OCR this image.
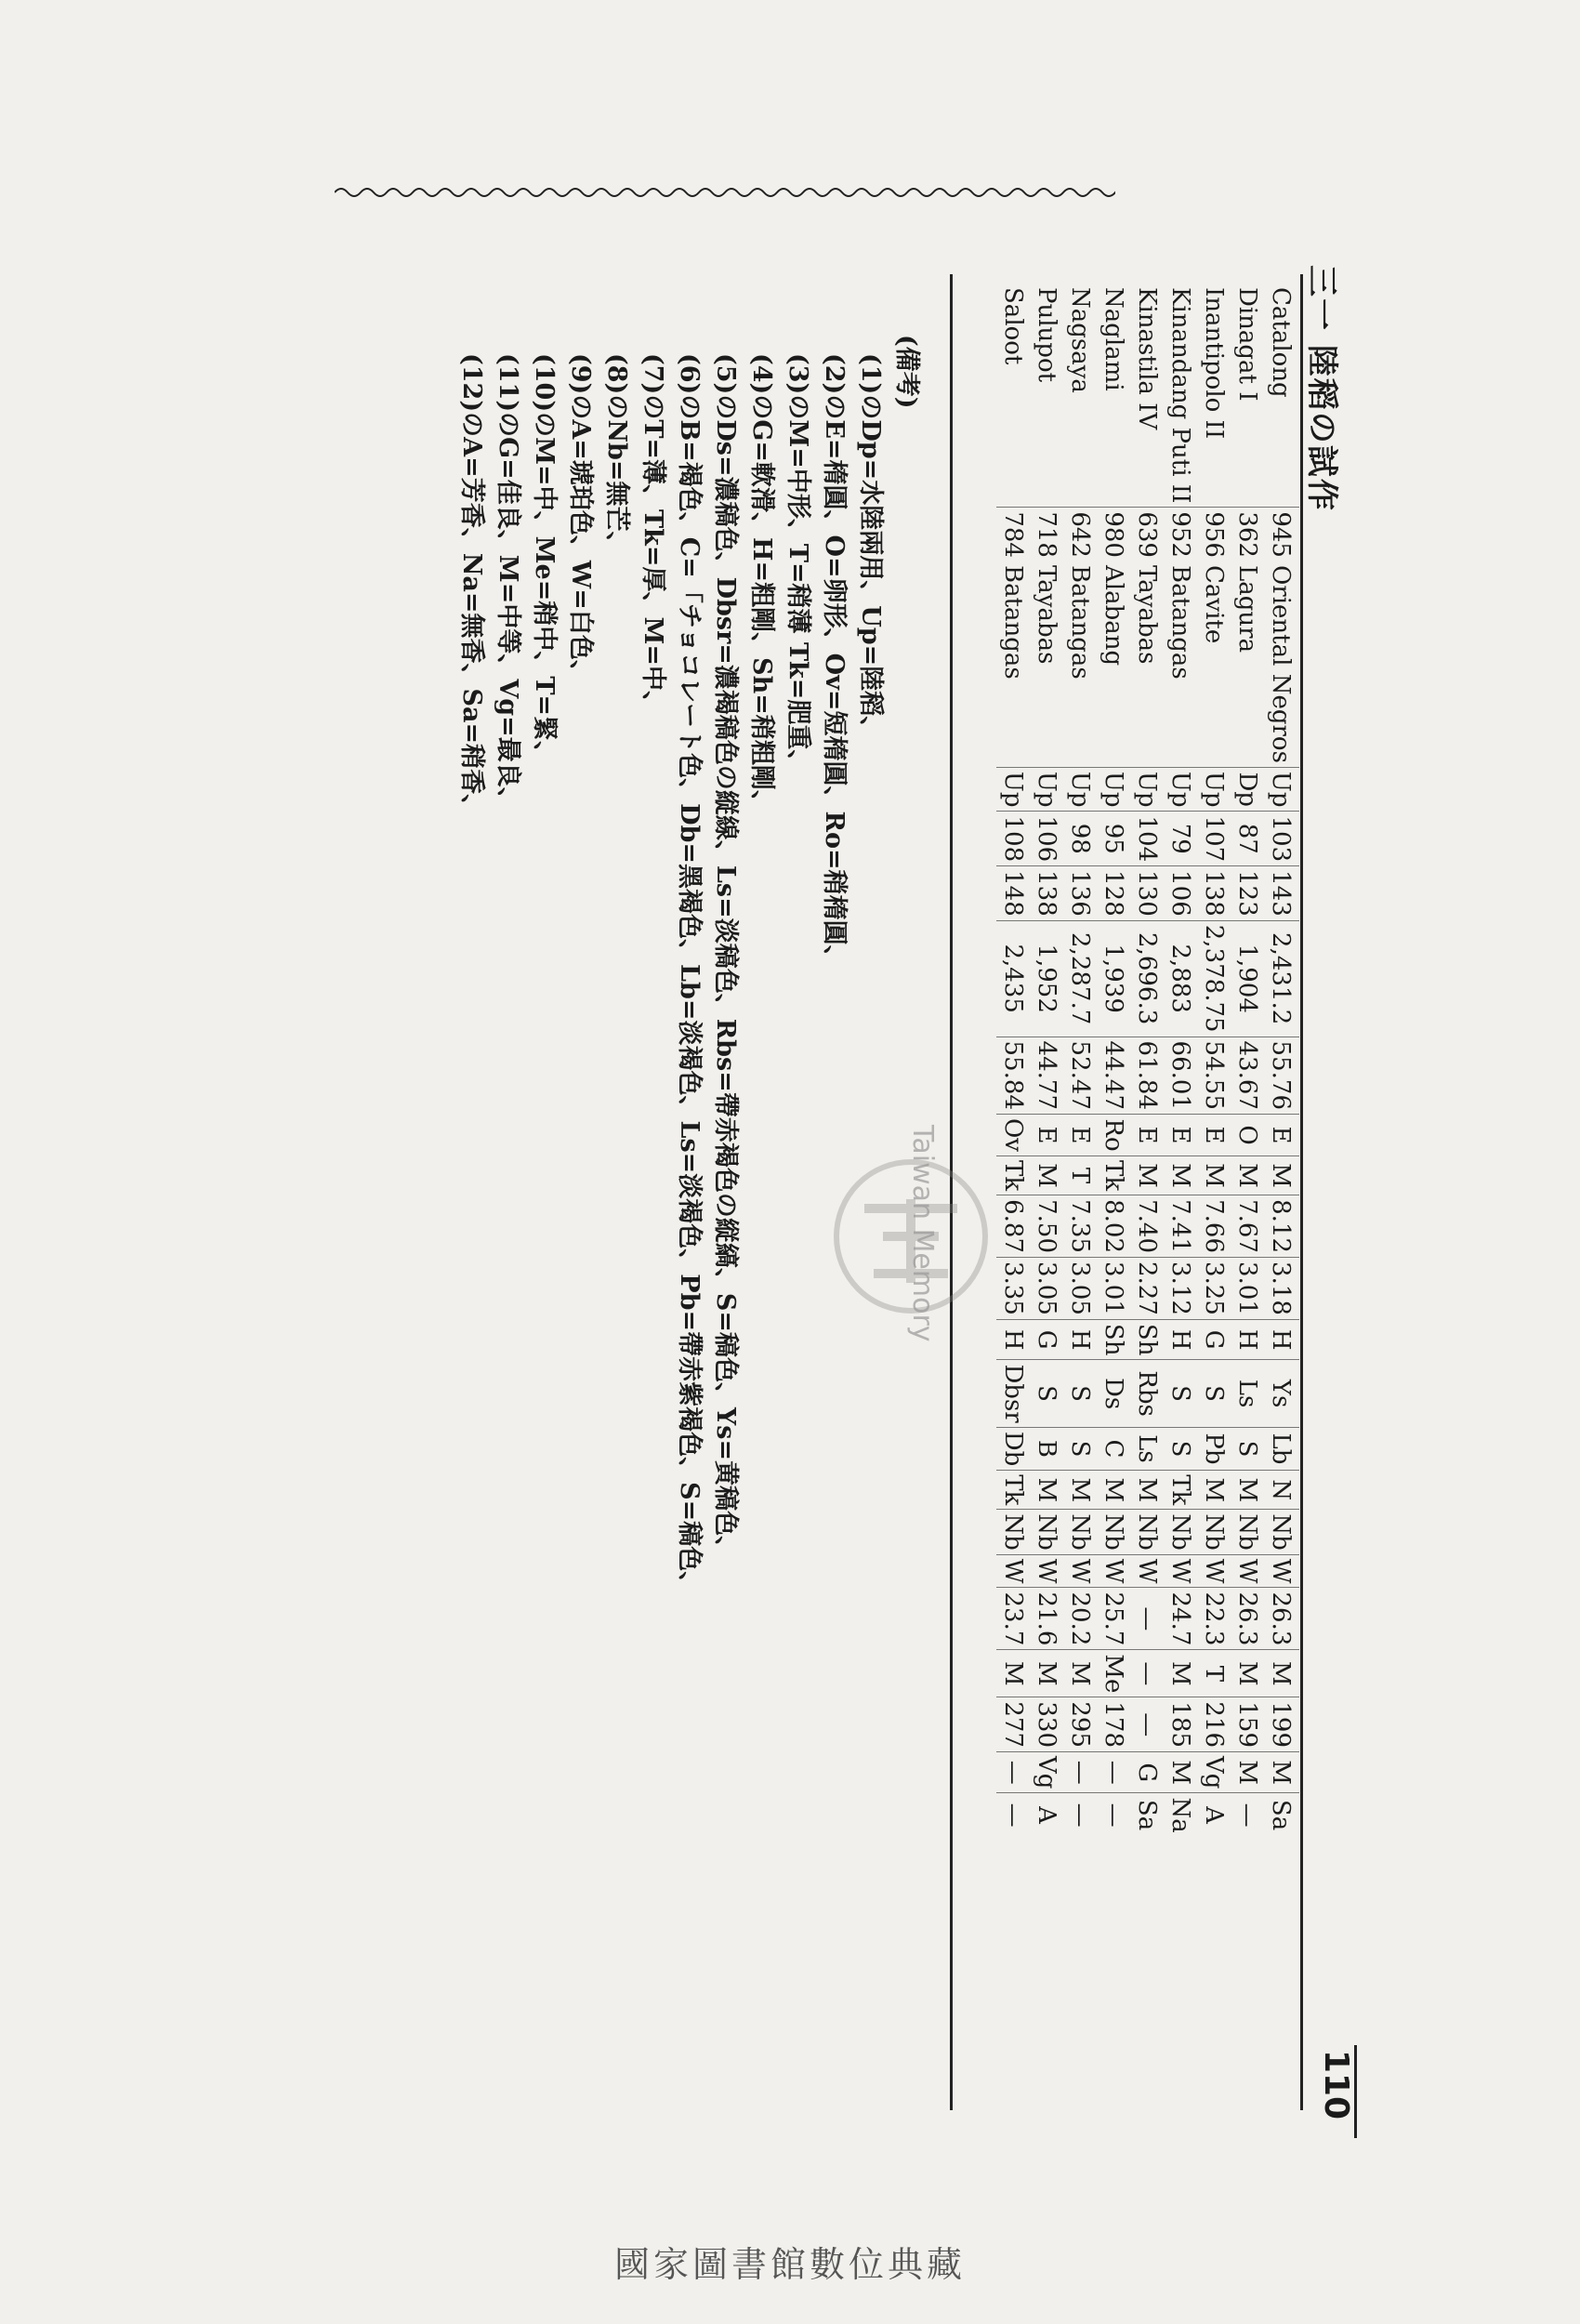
三一 陸稻の試作
110
Catalong	945	Oriental Negros	Up	103	143	2,431.2	55.76	E	M	8.12	3.18	H	Ys	Lb	N	Nb	W	26.3	M	199	M	Sa
Dinagat I	362	Lagura	Dp	87	123	1,904	43.67	O	M	7.67	3.01	H	Ls	S	M	Nb	W	26.3	M	159	M	—
Inantipolo II	956	Cavite	Up	107	138	2,378.75	54.55	E	M	7.66	3.25	G	S	Pb	M	Nb	W	22.3	T	216	Vg	A
Kinandang Puti II	952	Batangas	Up	79	106	2,883	66.01	E	M	7.41	3.12	H	S	S	Tk	Nb	W	24.7	M	185	M	Na
Kinastila IV	639	Tayabas	Up	104	130	2,696.3	61.84	E	M	7.40	2.27	Sh	Rbs	Ls	M	Nb	W	—	—	—	G	Sa
Naglami	980	Alabang	Up	95	128	1,939	44.47	Ro	Tk	8.02	3.01	Sh	Ds	C	M	Nb	W	25.7	Me	178	—	—
Nagsaya	642	Batangas	Up	98	136	2,287.7	52.47	E	T	7.35	3.05	H	S	S	M	Nb	W	20.2	M	295	—	—
Pulupot	718	Tayabas	Up	106	138	1,952	44.77	E	M	7.50	3.05	G	S	B	M	Nb	W	21.6	M	330	Vg	A
Saloot	784	Batangas	Up	108	148	2,435	55.84	Ov	Tk	6.87	3.35	H	Dbsr	Db	Tk	Nb	W	23.7	M	277	—	—
(備考)
(1)のDp=水陸兩用、Up=陸稻、
(2)のE=楕圓、O=卵形、Ov=短楕圓、Ro=稍楕圓、
(3)のM=中形、T=稍薄 Tk=肥重、
(4)のG=軟滑、H=粗剛、Sh=稍粗剛、
(5)のDs=濃稿色、Dbsr=濃褐稿色の縦線、Ls=淡稿色、Rbs=帶赤褐色の縦縞、S=稿色、Ys=黄稿色、
(6)のB=褐色、C=「チョコレート色、Db=黑褐色、Lb=淡褐色、Ls=淡褐色、Pb=帶赤紫褐色、S=稿色、
(7)のT=薄、Tk=厚、M=中、
(8)のNb=無芒、
(9)のA=琥珀色、W=白色、
(10)のM=中、Me=稍中、T=緊、
(11)のG=佳良、M=中等、Vg=最良、
(12)のA=芳香、Na=無香、Sa=稍香、
Taiwan Memory
國家圖書館數位典藏
